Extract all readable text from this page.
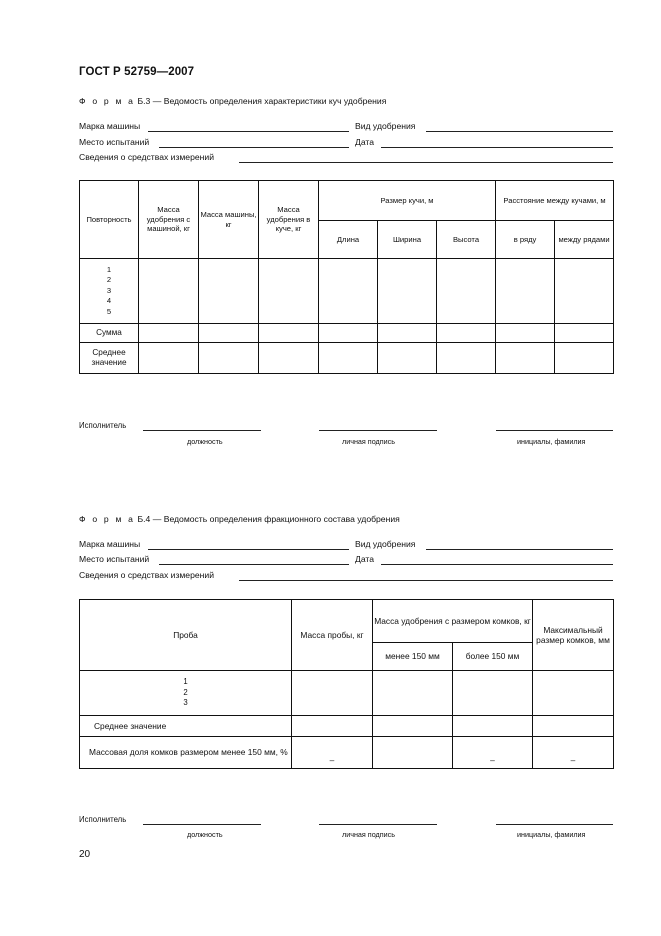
ГОСТ Р 52759—2007
Ф о р м а Б.3 — Ведомость определения характеристики куч удобрения
Марка машины	Вид удобрения
Место испытаний	Дата
Сведения о средствах измерений
Повторность	Масса удобрения с машиной, кг	Масса машины, кг	Масса удобрения в куче, кг	Размер кучи, м			Расстояние между кучами, м	
				Длина	Ширина	Высота	в ряду	между рядами

1
2
3
4
5								

Сумма								
Среднее значение								
Исполнитель
должность	личная подпись	инициалы, фамилия
Ф о р м а Б.4 — Ведомость определения фракционного состава удобрения
Марка машины	Вид удобрения
Место испытаний	Дата
Сведения о средствах измерений
Проба	Масса пробы, кг	Масса удобрения с размером комков, кг		Максимальный размер комков, мм
		менее 150 мм	более 150 мм	

1
2
3				

Среднее значение				
Массовая доля комков размером менее 150 мм, %	–		–	–
Исполнитель
должность	личная подпись	инициалы, фамилия
20
